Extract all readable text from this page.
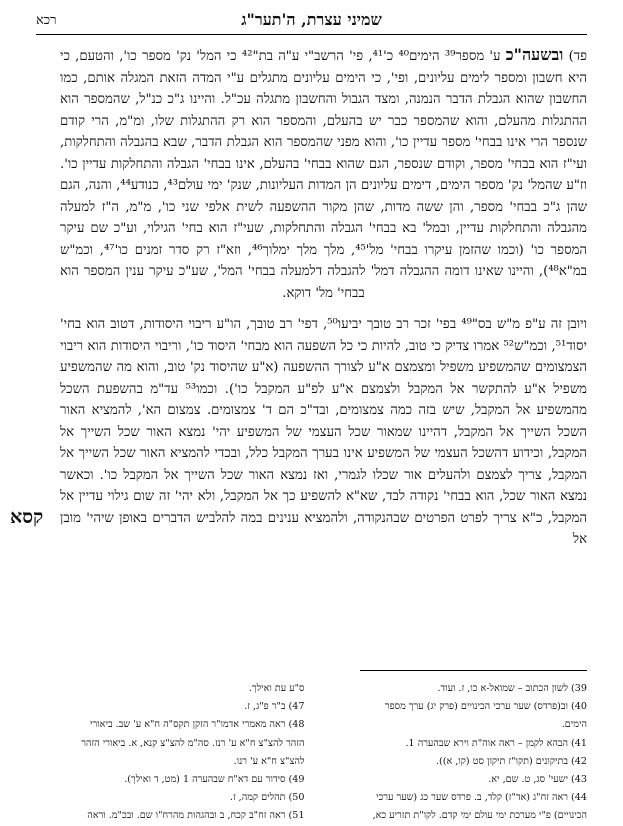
שמיני עצרת, ה'תער"ג
רכא

פד) ובשעה"כ ע' מספר³⁹ הימים⁴⁰ כ'⁴¹, פי' הרשב"י ע"ה בת"⁴² כי המל' נק' מספר כו', והטעם, כי היא חשבון ומספר לימים עליונים, ופי', כי הימים עליונים מתגלים ע"י המדה הזאת המגלה אותם, כמו החשבון שהוא הגבלת הדבר הנמנה, ומצד הגבול והחשבון מתגלה עכ"ל. והיינו ג"כ כנ"ל, שהמספר הוא ההתגלות מהעלם, והוא שהמספר כבר יש בהעלם, והמספר הוא רק ההתגלות שלו, ומ"מ, הרי קודם שנספר הרי אינו בבחי' מספר עדיין כו', והוא מפני שהמספר הוא הגבלת הדבר, שבא בהגבלה והתחלקות, ועי"ז הוא בבחי' מספר, וקודם שנספר, הגם שהוא בבחי' בהעלם, אינו בבחי' הגבלה והתחלקות עדיין כו'. וז"ע שהמל' נק' מספר הימים, דימים עליונים הן המדות העליונות, שנק' ימי עולם⁴³, כנודע⁴⁴, והנה, הגם שהן ג"כ בבחי' מספר, והן ששה מדות, שהן מקור ההשפעה לשית אלפי שני כו', מ"מ, ה"ז למעלה מהגבלה והתחלקות עדיין, ובמל' בא בבחי' הגבלה והתחלקות, שעי"ז הוא בחי' הגילוי, וע"כ שם עיקר המספר כו' (וכמו שהזמן עיקרו בבחי' מל'⁴⁵, מלך מלך ימלוך⁴⁶, וזא"ז רק סדר זמנים כו'⁴⁷, וכמ"ש במ"א⁴⁸), והיינו שאינו דומה ההגבלה דמל' להגבלה דלמעלה בבחי' המל', שע"כ עיקר ענין המספר הוא בבחי' מל' דוקא.

ויובן זה ע"פ מ"ש בס"⁴⁹ בפי' זכר רב טובך יביעו⁵⁰, דפי' רב טובך, הו"ע ריבוי היסודות, דטוב הוא בחי' יסוד⁵¹, וכמ"ש⁵² אמרו צדיק כי טוב, להיות כי כל השפעה הוא מבחי' היסוד כו', וריבוי היסודות הוא ריבוי הצמצומים שהמשפיע משפיל ומצמצם א"ע לצורך ההשפעה (א"ע שהיסוד נק' טוב, והוא מה שהמשפיע משפיל א"ע להתקשר אל המקבל ולצמצם א"ע לפ"ע המקבל כו'). וכמו⁵³ עד"מ בהשפעת השכל מהמשפיע אל המקבל, שיש בזה כמה צמצומים, ובד"כ הם ד' צמצומים. צמצום הא', להמציא האור השכל השייך אל המקבל, דהיינו שמאור שכל העצמי של המשפיע יהי' נמצא האור שכל השייך אל המקבל, וכידוע דהשכל העצמי של המשפיע אינו בערך המקבל כלל, ובכדי להמציא האור שכל השייך אל המקבל, צריך לצמצם ולהעלים אור שכלו לגמרי, ואז נמצא האור שכל השייך אל המקבל כו'. וכאשר נמצא האור שכל, הוא בבחי' נקודה לבד, שא"א להשפיע כך אל המקבל, ולא יהי' זה שום גילוי עדיין אל המקבל, כ"א צריך לפרט הפרטים שבהנקודה, ולהמציא ענינים במה להלביש הדברים באופן שיהי' מובן אל

קסא
39) לשון הכתוב – שמואל-א כו, ז. ועוד.
40) וב(פרדס) שער ערכי הכינויים (פרק יג) ערך מספר
הימים.
41) הבהא לקמן – ראה אוה"ת וירא שבהערה 1.
42) בתיקונים (תקו"ז תיקון סט (קו, א)).
43) ישעי' סג, ט. שם, יא.
44) ראה זח"ג (אד"ז) קלד, ב. פרדס שער כג (שער ערכי
הכינויים) פ"י מערכת ימי עולם ימי קדם. לקו"ת תזריע כא,
ס"ע עת ואילך.
47) ב"ר פ"ג, ז.
48) ראה מאמרי אדמו"ר הזקן תקס"ה ח"א ע' שב. ביאורי
הזהר להצ"צ ח"א ע' רנז. סה"מ להצ"צ קנא, א. ביאורי הזהר
להצ"צ ח"א ע' רנו.
49) סידור עם דא"ח שבהערה 1 (מט, ד ואילך).
50) תהלים קמה, ז.
51) ראה זח"ב קכח, ב ובהגהות מהרח"ו שם. ובכ"מ. וראה
